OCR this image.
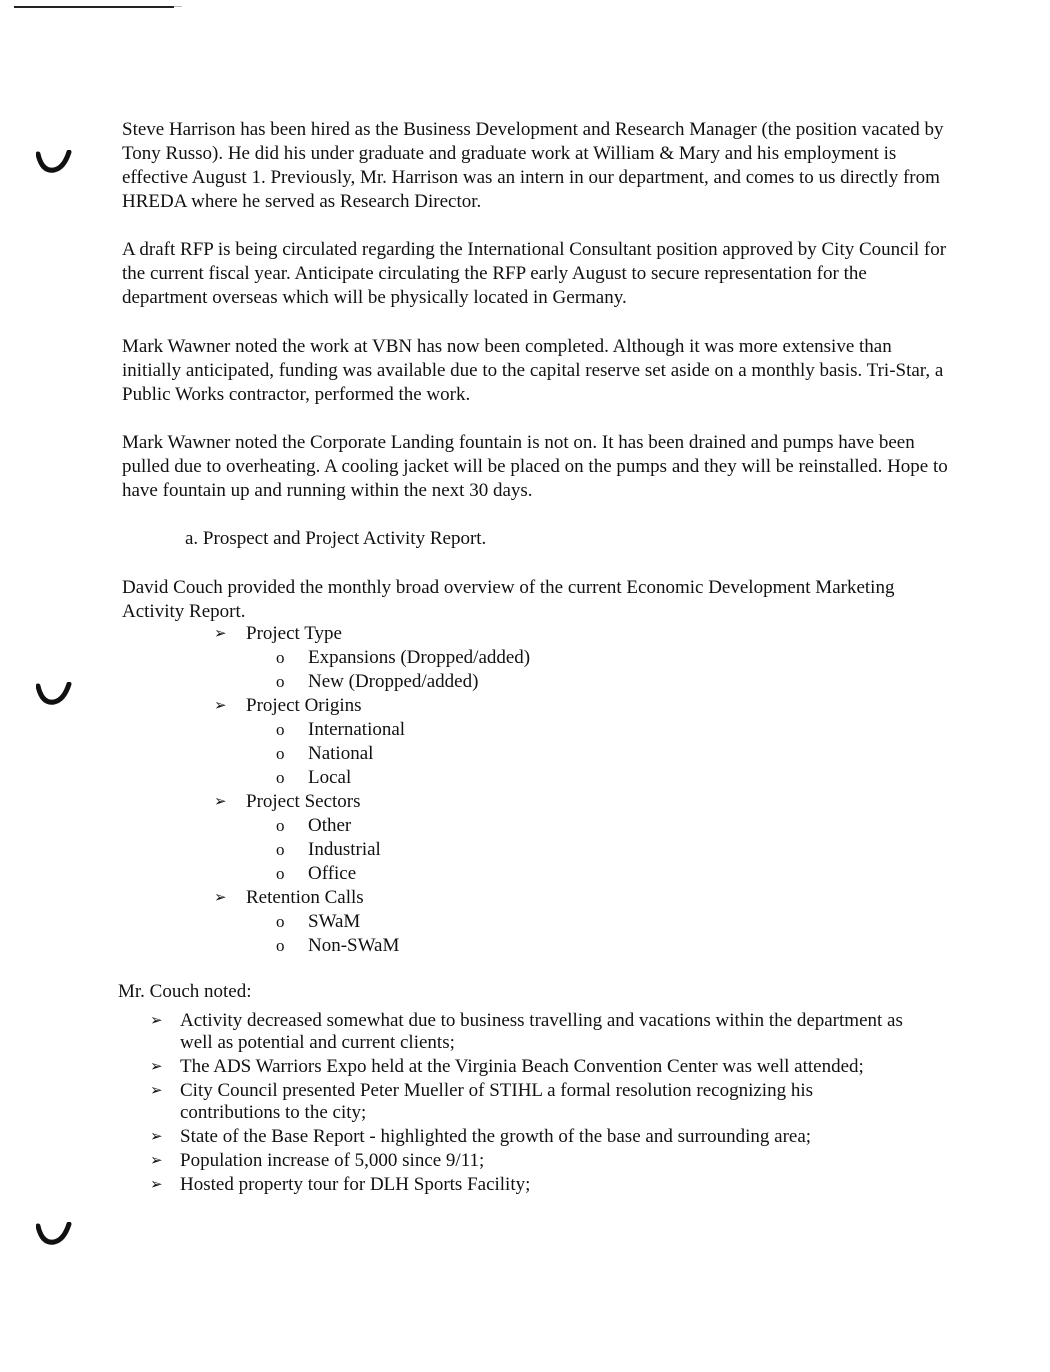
Steve Harrison has been hired as the Business Development and Research Manager (the position vacated by Tony Russo). He did his under graduate and graduate work at William & Mary and his employment is effective August 1. Previously, Mr. Harrison was an intern in our department, and comes to us directly from HREDA where he served as Research Director.

A draft RFP is being circulated regarding the International Consultant position approved by City Council for the current fiscal year. Anticipate circulating the RFP early August to secure representation for the department overseas which will be physically located in Germany.

Mark Wawner noted the work at VBN has now been completed. Although it was more extensive than initially anticipated, funding was available due to the capital reserve set aside on a monthly basis. Tri-Star, a Public Works contractor, performed the work.

Mark Wawner noted the Corporate Landing fountain is not on. It has been drained and pumps have been pulled due to overheating. A cooling jacket will be placed on the pumps and they will be reinstalled. Hope to have fountain up and running within the next 30 days.

a. Prospect and Project Activity Report.

David Couch provided the monthly broad overview of the current Economic Development Marketing Activity Report.

➢ Project Type
o Expansions (Dropped/added)
o New (Dropped/added)
➢ Project Origins
o International
o National
o Local
➢ Project Sectors
o Other
o Industrial
o Office
➢ Retention Calls
o SWaM
o Non-SWaM

Mr. Couch noted:

➢ Activity decreased somewhat due to business travelling and vacations within the department as well as potential and current clients;
➢ The ADS Warriors Expo held at the Virginia Beach Convention Center was well attended;
➢ City Council presented Peter Mueller of STIHL a formal resolution recognizing his contributions to the city;
➢ State of the Base Report - highlighted the growth of the base and surrounding area;
➢ Population increase of 5,000 since 9/11;
➢ Hosted property tour for DLH Sports Facility;
